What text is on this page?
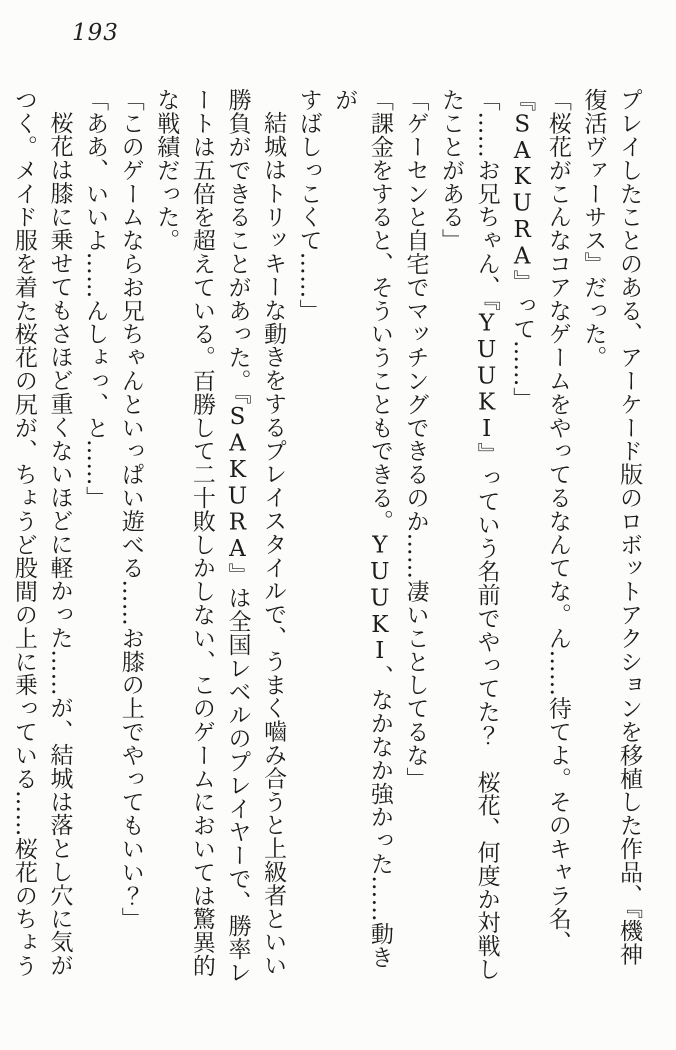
193

プレイしたことのある、アーケード版のロボットアクションを移植した作品、『機神

復活ヴァーサス』だった。

「桜花がこんなコアなゲームをやってるなんてな。ん……待てよ。そのキャラ名、

『SAKURA』って……」

「……お兄ちゃん、『YUUKI』っていう名前でやってた？　桜花、何度か対戦し

たことがある」

「ゲーセンと自宅でマッチングできるのか……凄いことしてるな」

「課金をすると、そういうこともできる。YUUKI、なかなか強かった……動きが

すばしっこくて……」

結城はトリッキーな動きをするプレイスタイルで、うまく嚙み合うと上級者といい

勝負ができることがあった。『SAKURA』は全国レベルのプレイヤーで、勝率レ

ートは五倍を超えている。百勝して二十敗しかしない、このゲームにおいては驚異的

な戦績だった。

「このゲームならお兄ちゃんといっぱい遊べる……お膝の上でやってもいい？」

「ああ、いいよ……んしょっ、と……」

桜花は膝に乗せてもさほど重くないほどに軽かった……が、結城は落とし穴に気が

つく。メイド服を着た桜花の尻が、ちょうど股間の上に乗っている……桜花のちょう
